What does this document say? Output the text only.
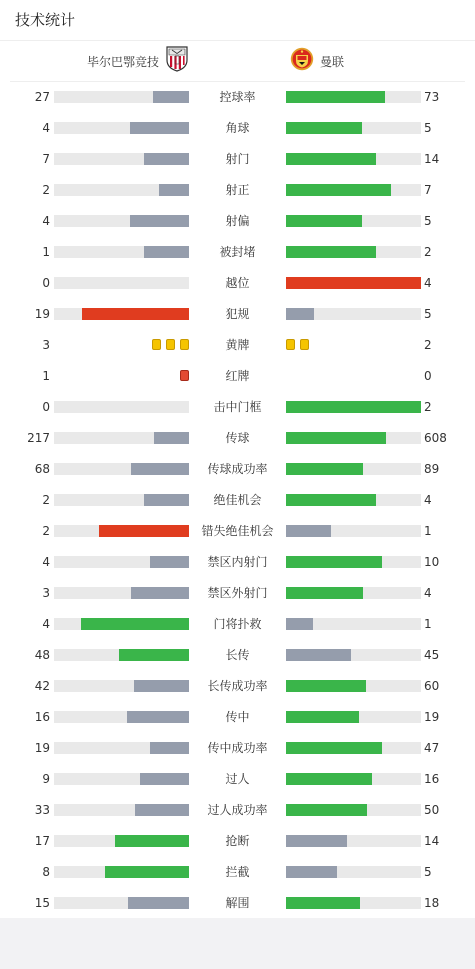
技术统计
毕尔巴鄂竞技	曼联
27	控球率	73
4	角球	5
7	射门	14
2	射正	7
4	射偏	5
1	被封堵	2
0	越位	4
19	犯规	5
3	黄牌	2
1	红牌	0
0	击中门框	2
217	传球	608
68	传球成功率	89
2	绝佳机会	4
2	错失绝佳机会	1
4	禁区内射门	10
3	禁区外射门	4
4	门将扑救	1
48	长传	45
42	长传成功率	60
16	传中	19
19	传中成功率	47
9	过人	16
33	过人成功率	50
17	抢断	14
8	拦截	5
15	解围	18
